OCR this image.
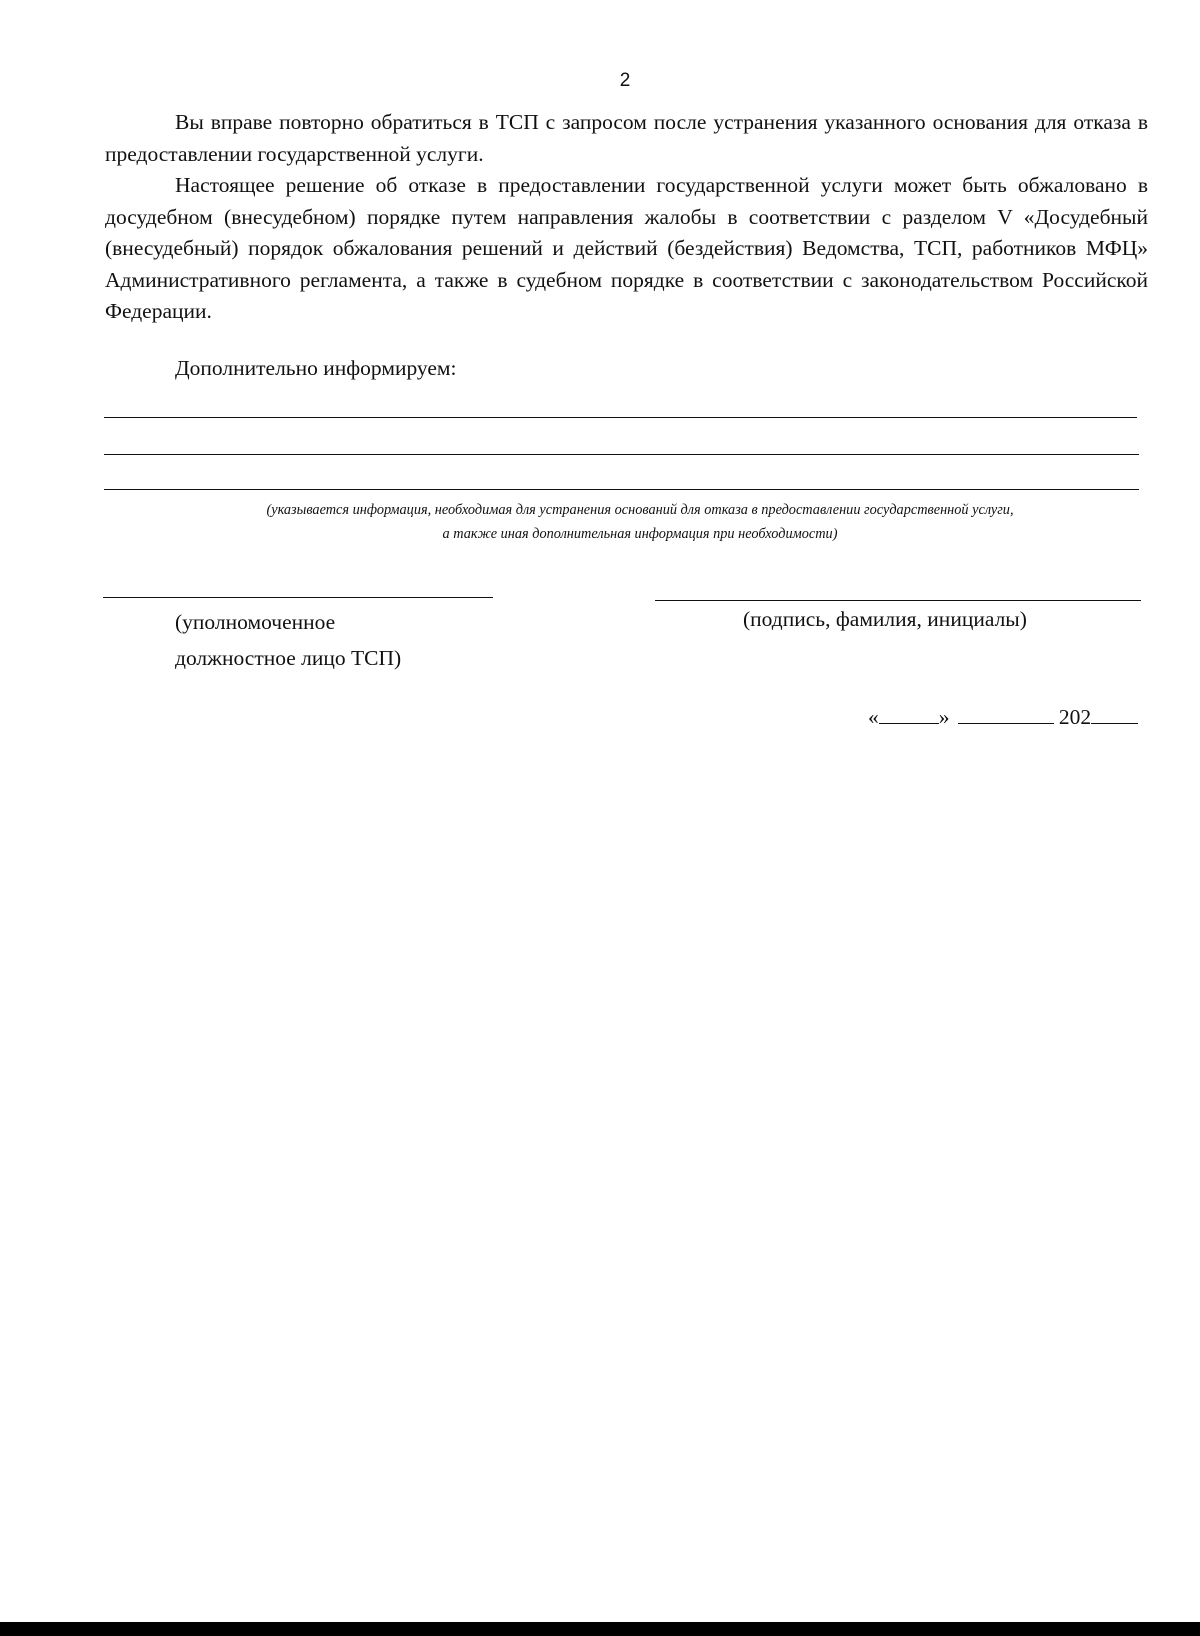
2

Вы вправе повторно обратиться в ТСП с запросом после устранения указанного основания для отказа в предоставлении государственной услуги.

Настоящее решение об отказе в предоставлении государственной услуги может быть обжаловано в досудебном (внесудебном) порядке путем направления жалобы в соответствии с разделом V «Досудебный (внесудебный) порядок обжалования решений и действий (бездействия) Ведомства, ТСП, работников МФЦ» Административного регламента, а также в судебном порядке в соответствии с законодательством Российской Федерации.

Дополнительно информируем:
(указывается информация, необходимая для устранения оснований для отказа в предоставлении государственной услуги,
а также иная дополнительная информация при необходимости)
(уполномоченное
должностное лицо ТСП)
(подпись, фамилия, инициалы)
«	»	202
